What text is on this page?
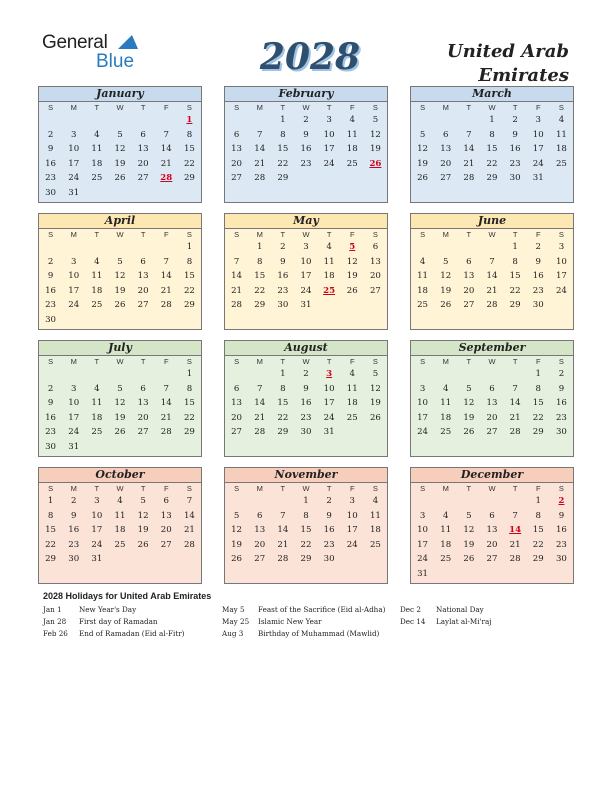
General
Blue	2028	United Arab
Emirates
January
S	M	T	W	T	F	S
						1
2	3	4	5	6	7	8
9	10	11	12	13	14	15
16	17	18	19	20	21	22
23	24	25	26	27	28	29
30	31					
February
S	M	T	W	T	F	S
		1	2	3	4	5
6	7	8	9	10	11	12
13	14	15	16	17	18	19
20	21	22	23	24	25	26
27	28	29				

March
S	M	T	W	T	F	S
			1	2	3	4
5	6	7	8	9	10	11
12	13	14	15	16	17	18
19	20	21	22	23	24	25
26	27	28	29	30	31	

April
S	M	T	W	T	F	S
						1
2	3	4	5	6	7	8
9	10	11	12	13	14	15
16	17	18	19	20	21	22
23	24	25	26	27	28	29
30						
May
S	M	T	W	T	F	S
	1	2	3	4	5	6
7	8	9	10	11	12	13
14	15	16	17	18	19	20
21	22	23	24	25	26	27
28	29	30	31			

June
S	M	T	W	T	F	S
				1	2	3
4	5	6	7	8	9	10
11	12	13	14	15	16	17
18	19	20	21	22	23	24
25	26	27	28	29	30	

July
S	M	T	W	T	F	S
						1
2	3	4	5	6	7	8
9	10	11	12	13	14	15
16	17	18	19	20	21	22
23	24	25	26	27	28	29
30	31					
August
S	M	T	W	T	F	S
		1	2	3	4	5
6	7	8	9	10	11	12
13	14	15	16	17	18	19
20	21	22	23	24	25	26
27	28	29	30	31		

September
S	M	T	W	T	F	S
					1	2
3	4	5	6	7	8	9
10	11	12	13	14	15	16
17	18	19	20	21	22	23
24	25	26	27	28	29	30

October
S	M	T	W	T	F	S
1	2	3	4	5	6	7
8	9	10	11	12	13	14
15	16	17	18	19	20	21
22	23	24	25	26	27	28
29	30	31				

November
S	M	T	W	T	F	S
			1	2	3	4
5	6	7	8	9	10	11
12	13	14	15	16	17	18
19	20	21	22	23	24	25
26	27	28	29	30		

December
S	M	T	W	T	F	S
					1	2
3	4	5	6	7	8	9
10	11	12	13	14	15	16
17	18	19	20	21	22	23
24	25	26	27	28	29	30
31						
2028 Holidays for United Arab Emirates
Jan 1 New Year's Day
Jan 28 First day of Ramadan
Feb 26 End of Ramadan (Eid al-Fitr)
May 5 Feast of the Sacrifice (Eid al-Adha)
May 25 Islamic New Year
Aug 3 Birthday of Muhammad (Mawlid)
Dec 2 National Day
Dec 14 Laylat al-Mi'raj
